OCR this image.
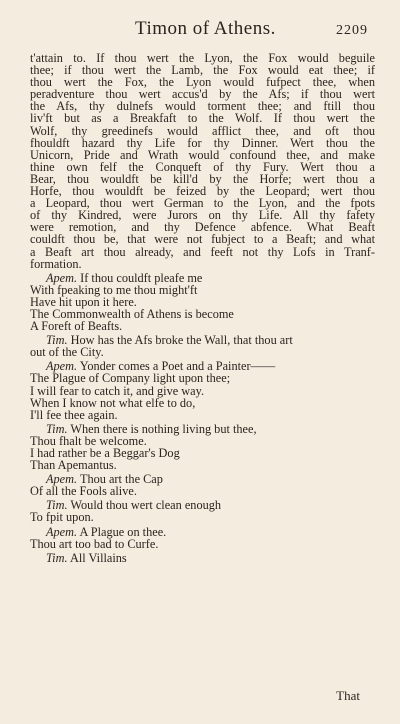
Timon of Athens.	2209
t'attain to. If thou wert the Lyon, the Fox would beguile
thee; if thou wert the Lamb, the Fox would eat thee; if
thou wert the Fox, the Lyon would fufpect thee, when
peradventure thou wert accus'd by the Afs; if thou wert
the Afs, thy dulnefs would torment thee; and ftill thou
liv'ft but as a Breakfaft to the Wolf. If thou wert the
Wolf, thy greedinefs would afflict thee, and oft thou
fhouldft hazard thy Life for thy Dinner. Wert thou the
Unicorn, Pride and Wrath would confound thee, and make
thine own felf the Conqueft of thy Fury. Wert thou a
Bear, thou wouldft be kill'd by the Horfe; wert thou a
Horfe, thou wouldft be feized by the Leopard; wert thou
a Leopard, thou wert German to the Lyon, and the fpots
of thy Kindred, were Jurors on thy Life. All thy fafety
were remotion, and thy Defence abfence. What Beaft
couldft thou be, that were not fubject to a Beaft; and what
a Beaft art thou already, and feeft not thy Lofs in Tranf-
formation.
Apem. If thou couldft pleafe me
With fpeaking to me thou might'ft
Have hit upon it here.
The Commonwealth of Athens is become
A Foreft of Beafts.
Tim. How has the Afs broke the Wall, that thou art
out of the City.
Apem. Yonder comes a Poet and a Painter——
The Plague of Company light upon thee;
I will fear to catch it, and give way.
When I know not what elfe to do,
I'll fee thee again.
Tim. When there is nothing living but thee,
Thou fhalt be welcome.
I had rather be a Beggar's Dog
Than Apemantus.
Apem. Thou art the Cap
Of all the Fools alive.
Tim. Would thou wert clean enough
To fpit upon.
Apem. A Plague on thee.
Thou art too bad to Curfe.
Tim. All Villains
That
